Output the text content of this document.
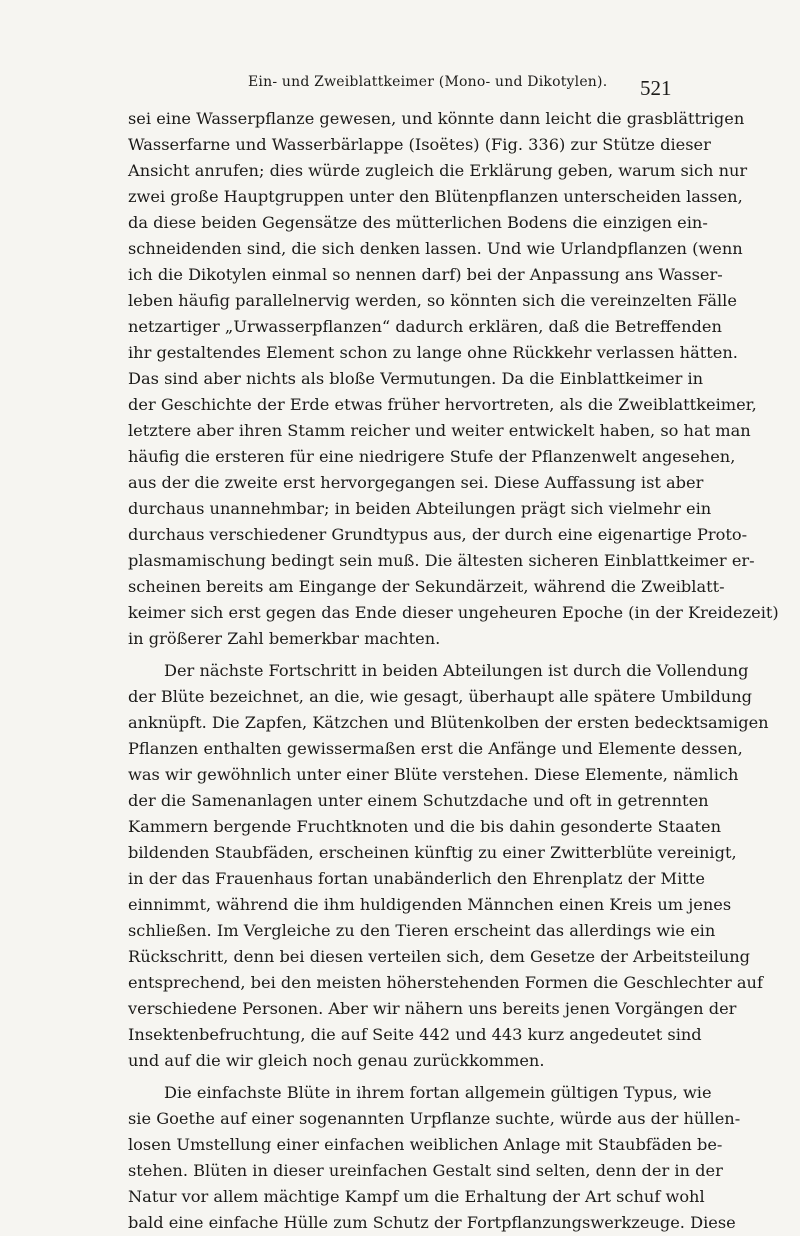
Ein- und Zweiblattkeimer (Mono- und Dikotylen). 521
sei eine Wasserpflanze gewesen, und könnte dann leicht die grasblättrigen
Wasserfarne und Wasserbärlappe (Isoëtes) (Fig. 336) zur Stütze dieser
Ansicht anrufen; dies würde zugleich die Erklärung geben, warum sich nur
zwei große Hauptgruppen unter den Blütenpflanzen unterscheiden lassen,
da diese beiden Gegensätze des mütterlichen Bodens die einzigen ein-
schneidenden sind, die sich denken lassen. Und wie Urlandpflanzen (wenn
ich die Dikotylen einmal so nennen darf) bei der Anpassung ans Wasser-
leben häufig parallelnervig werden, so könnten sich die vereinzelten Fälle
netzartiger „Urwasserpflanzen“ dadurch erklären, daß die Betreffenden
ihr gestaltendes Element schon zu lange ohne Rückkehr verlassen hätten.
Das sind aber nichts als bloße Vermutungen. Da die Einblattkeimer in
der Geschichte der Erde etwas früher hervortreten, als die Zweiblattkeimer,
letztere aber ihren Stamm reicher und weiter entwickelt haben, so hat man
häufig die ersteren für eine niedrigere Stufe der Pflanzenwelt angesehen,
aus der die zweite erst hervorgegangen sei. Diese Auffassung ist aber
durchaus unannehmbar; in beiden Abteilungen prägt sich vielmehr ein
durchaus verschiedener Grundtypus aus, der durch eine eigenartige Proto-
plasmamischung bedingt sein muß. Die ältesten sicheren Einblattkeimer er-
scheinen bereits am Eingange der Sekundärzeit, während die Zweiblatt-
keimer sich erst gegen das Ende dieser ungeheuren Epoche (in der Kreidezeit)
in größerer Zahl bemerkbar machten.
Der nächste Fortschritt in beiden Abteilungen ist durch die Vollendung
der Blüte bezeichnet, an die, wie gesagt, überhaupt alle spätere Umbildung
anknüpft. Die Zapfen, Kätzchen und Blütenkolben der ersten bedecktsamigen
Pflanzen enthalten gewissermaßen erst die Anfänge und Elemente dessen,
was wir gewöhnlich unter einer Blüte verstehen. Diese Elemente, nämlich
der die Samenanlagen unter einem Schutzdache und oft in getrennten
Kammern bergende Fruchtknoten und die bis dahin gesonderte Staaten
bildenden Staubfäden, erscheinen künftig zu einer Zwitterblüte vereinigt,
in der das Frauenhaus fortan unabänderlich den Ehrenplatz der Mitte
einnimmt, während die ihm huldigenden Männchen einen Kreis um jenes
schließen. Im Vergleiche zu den Tieren erscheint das allerdings wie ein
Rückschritt, denn bei diesen verteilen sich, dem Gesetze der Arbeitsteilung
entsprechend, bei den meisten höherstehenden Formen die Geschlechter auf
verschiedene Personen. Aber wir nähern uns bereits jenen Vorgängen der
Insektenbefruchtung, die auf Seite 442 und 443 kurz angedeutet sind
und auf die wir gleich noch genau zurückkommen.
Die einfachste Blüte in ihrem fortan allgemein gültigen Typus, wie
sie Goethe auf einer sogenannten Urpflanze suchte, würde aus der hüllen-
losen Umstellung einer einfachen weiblichen Anlage mit Staubfäden be-
stehen. Blüten in dieser ureinfachen Gestalt sind selten, denn der in der
Natur vor allem mächtige Kampf um die Erhaltung der Art schuf wohl
bald eine einfache Hülle zum Schutz der Fortpflanzungswerkzeuge. Diese
